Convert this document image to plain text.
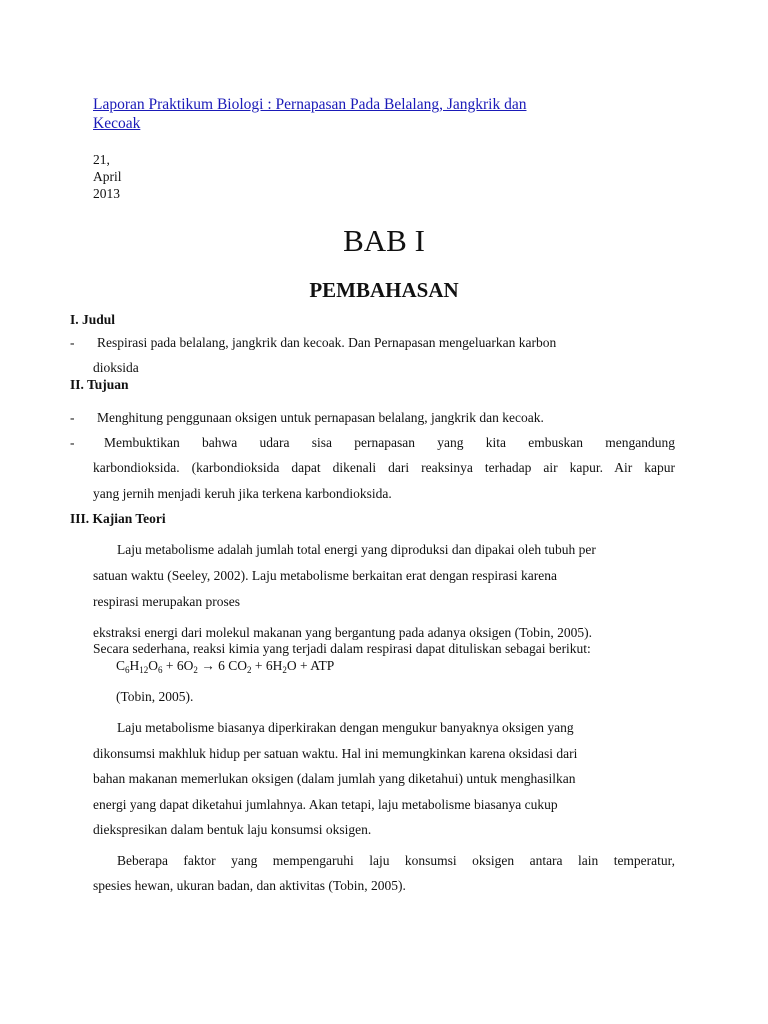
Laporan Praktikum Biologi : Pernapasan Pada Belalang, Jangkrik dan
Kecoak
21,
April
2013
BAB I
PEMBAHASAN
I. Judul
- Respirasi pada belalang, jangkrik dan kecoak. Dan Pernapasan mengeluarkan karbon
dioksida
II. Tujuan
- Menghitung penggunaan oksigen untuk pernapasan belalang, jangkrik dan kecoak.
- Membuktikan bahwa udara sisa pernapasan yang kita embuskan mengandung
karbondioksida. (karbondioksida dapat dikenali dari reaksinya terhadap air kapur. Air kapur
yang jernih menjadi keruh jika terkena karbondioksida.
III. Kajian Teori
Laju metabolisme adalah jumlah total energi yang diproduksi dan dipakai oleh tubuh per
satuan waktu (Seeley, 2002). Laju metabolisme berkaitan erat dengan respirasi karena
respirasi merupakan proses
ekstraksi energi dari molekul makanan yang bergantung pada adanya oksigen (Tobin, 2005).
Secara sederhana, reaksi kimia yang terjadi dalam respirasi dapat dituliskan sebagai berikut:
$C_6H_{12}O_6 + 6O_2 \to 6$ $CO_2 + 6H_2O$ + ATP
(Tobin, 2005).
Laju metabolisme biasanya diperkirakan dengan mengukur banyaknya oksigen yang
dikonsumsi makhluk hidup per satuan waktu. Hal ini memungkinkan karena oksidasi dari
bahan makanan memerlukan oksigen (dalam jumlah yang diketahui) untuk menghasilkan
energi yang dapat diketahui jumlahnya. Akan tetapi, laju metabolisme biasanya cukup
diekspresikan dalam bentuk laju konsumsi oksigen.
Beberapa faktor yang mempengaruhi laju konsumsi oksigen antara lain temperatur,
spesies hewan, ukuran badan, dan aktivitas (Tobin, 2005).
